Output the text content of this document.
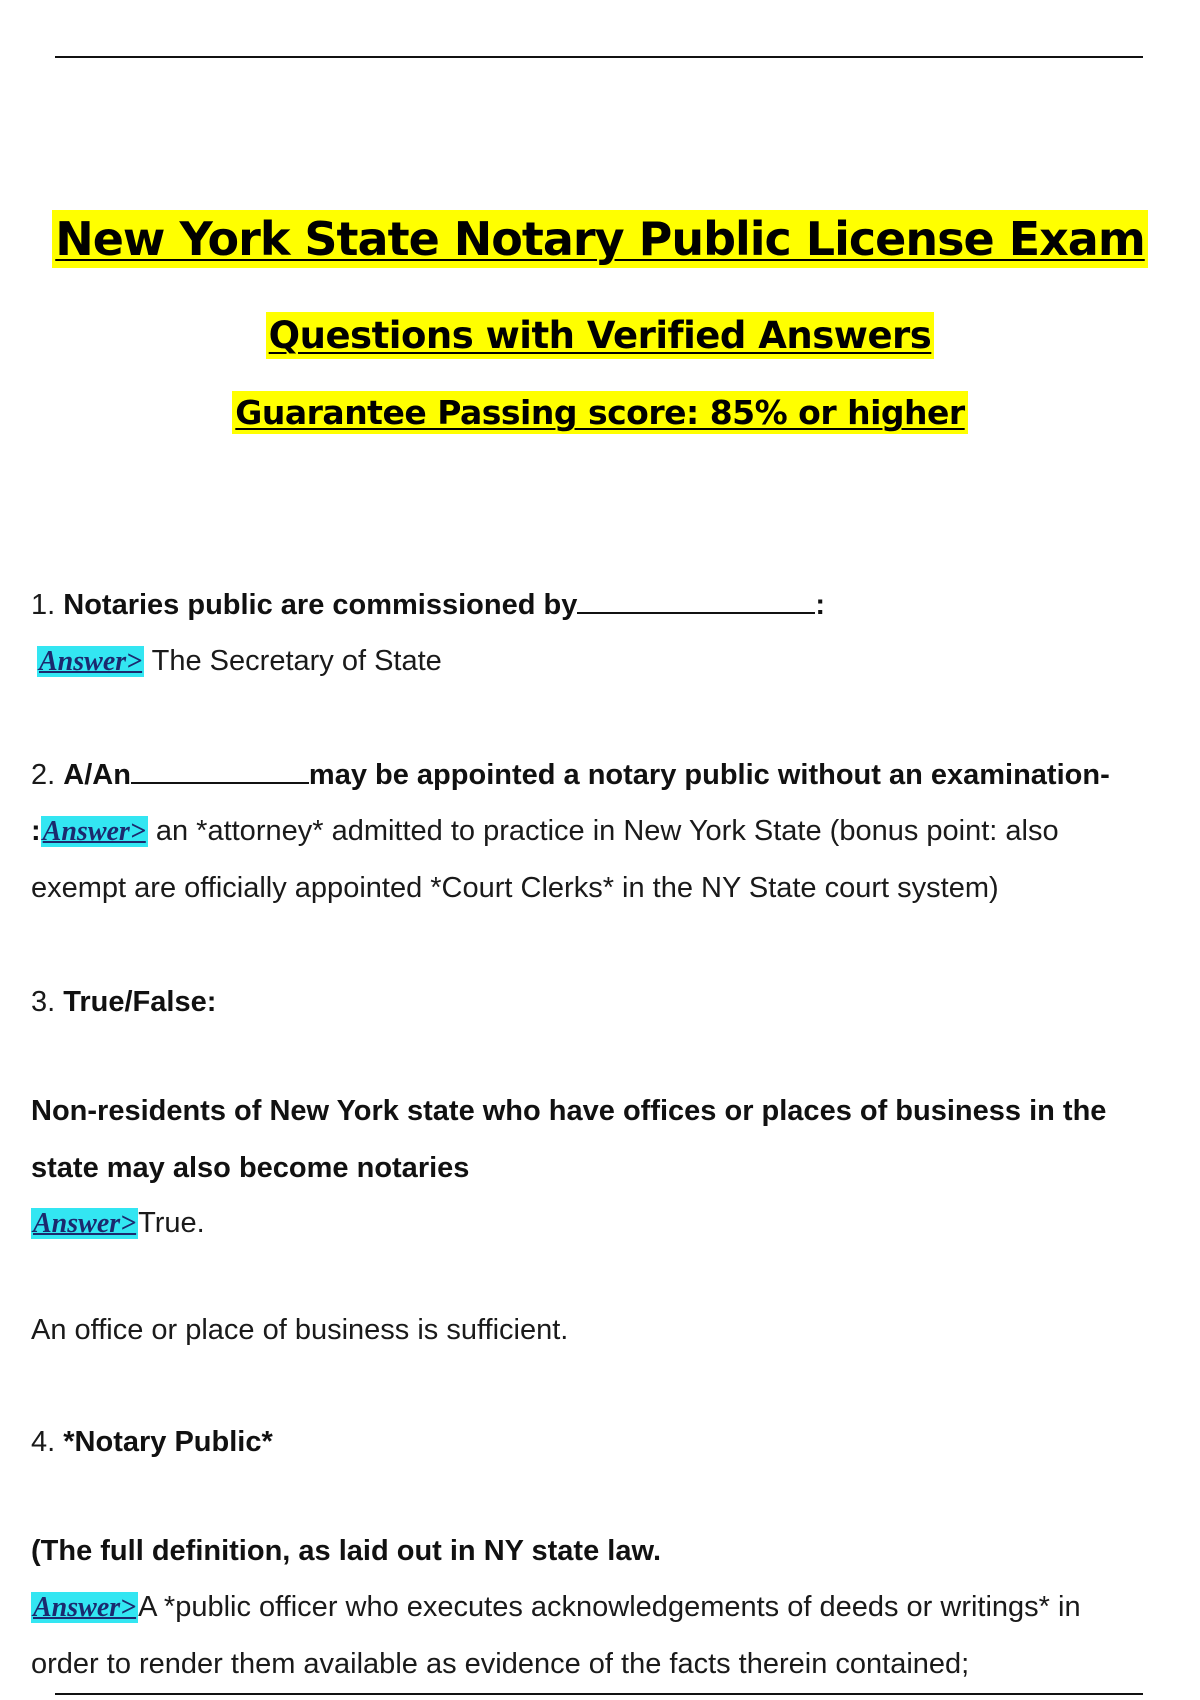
New York State Notary Public License Exam
Questions with Verified Answers
Guarantee Passing score: 85% or higher
1. Notaries public are commissioned by	:
Answer> The Secretary of State
2. A/An	may be appointed a notary public without an examination-
:Answer> an *attorney* admitted to practice in New York State (bonus point: also
exempt are officially appointed *Court Clerks* in the NY State court system)
3. True/False:
Non-residents of New York state who have offices or places of business in the
state may also become notaries
Answer>True.
An office or place of business is sufficient.
4. *Notary Public*
(The full definition, as laid out in NY state law.
Answer>A *public officer who executes acknowledgements of deeds or writings* in
order to render them available as evidence of the facts therein contained;
